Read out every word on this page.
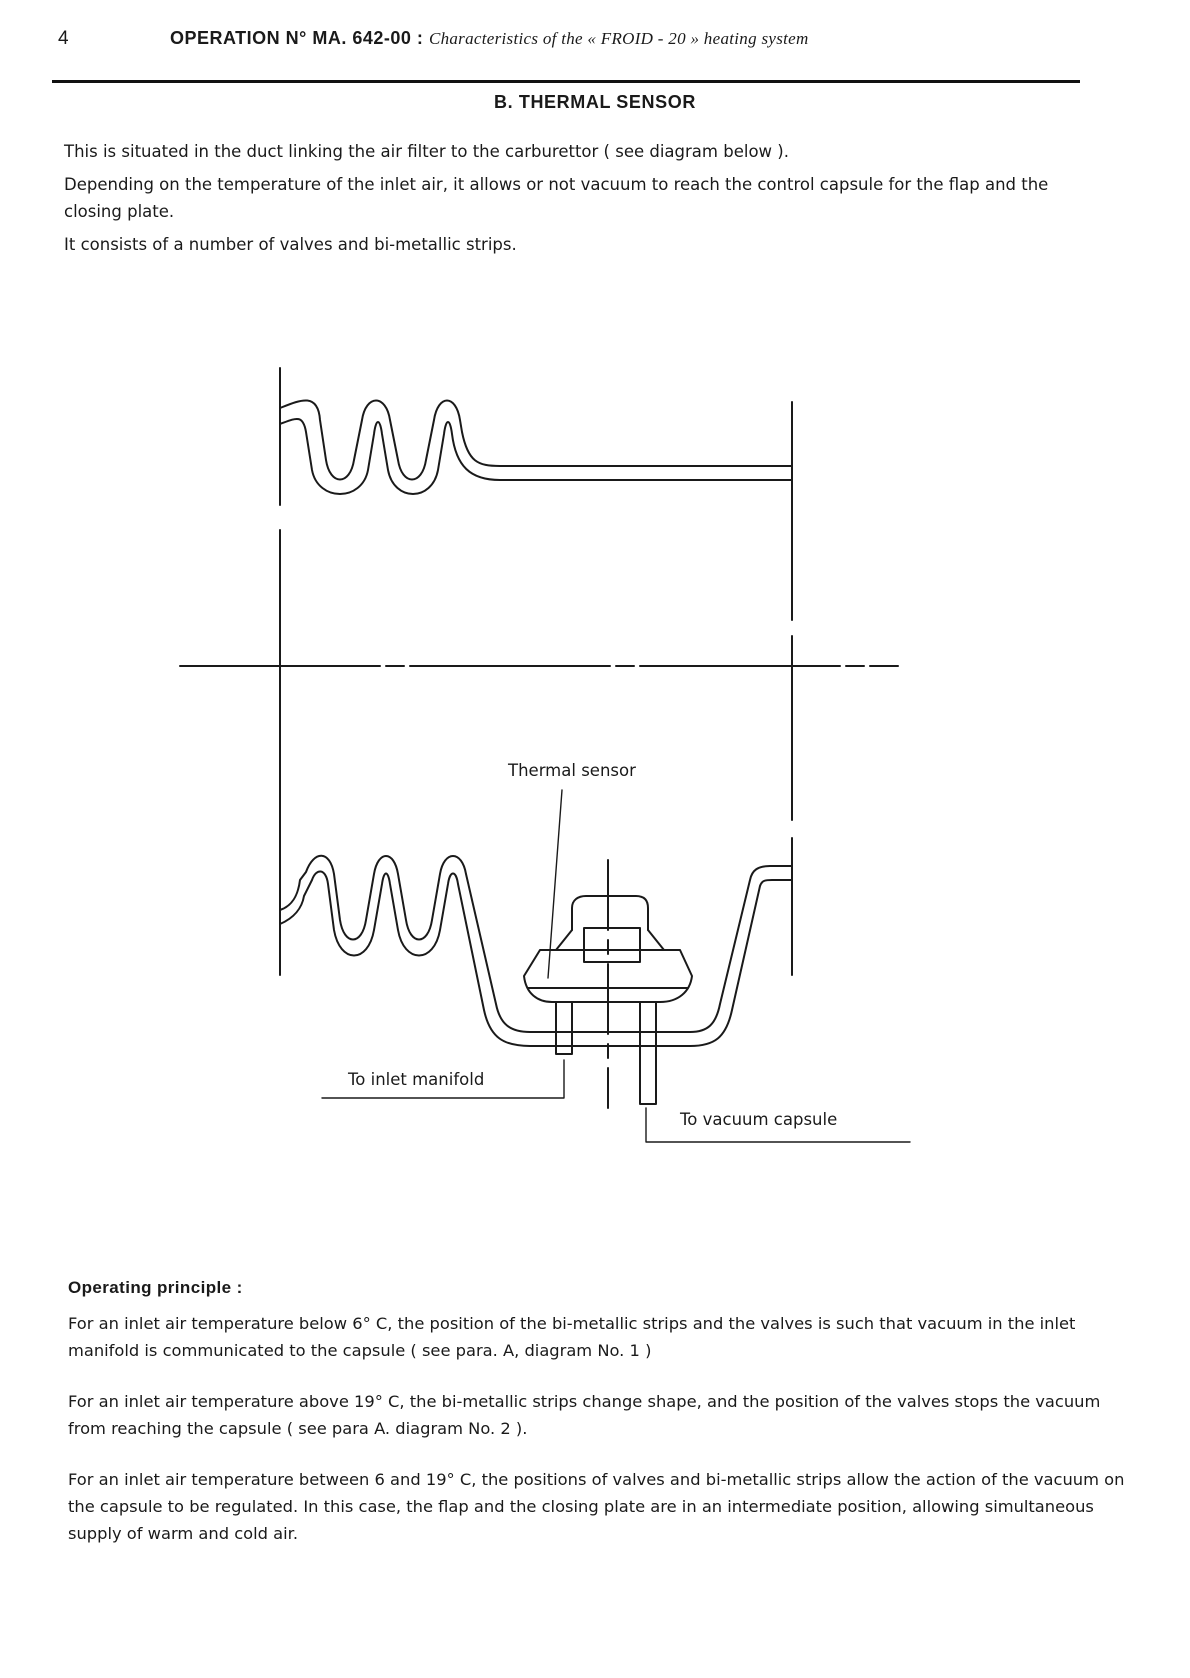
4	OPERATION N° MA. 642-00 : Characteristics of the « FROID - 20 » heating system
B. THERMAL SENSOR

This is situated in the duct linking the air filter to the carburettor ( see diagram below ).

Depending on the temperature of the inlet air, it allows or not vacuum to reach the control capsule for the flap and the closing plate.

It consists of a number of valves and bi-metallic strips.

Thermal sensor
To inlet manifold
To vacuum capsule
Operating principle :

For an inlet air temperature below 6° C, the position of the bi-metallic strips and the valves is such that vacuum in the inlet manifold is communicated to the capsule ( see para. A, diagram No. 1 )

For an inlet air temperature above 19° C, the bi-metallic strips change shape, and the position of the valves stops the vacuum from reaching the capsule ( see para A. diagram No. 2 ).

For an inlet air temperature between 6 and 19° C, the positions of valves and bi-metallic strips allow the action of the vacuum on the capsule to be regulated. In this case, the flap and the closing plate are in an intermediate position, allowing simultaneous supply of warm and cold air.
